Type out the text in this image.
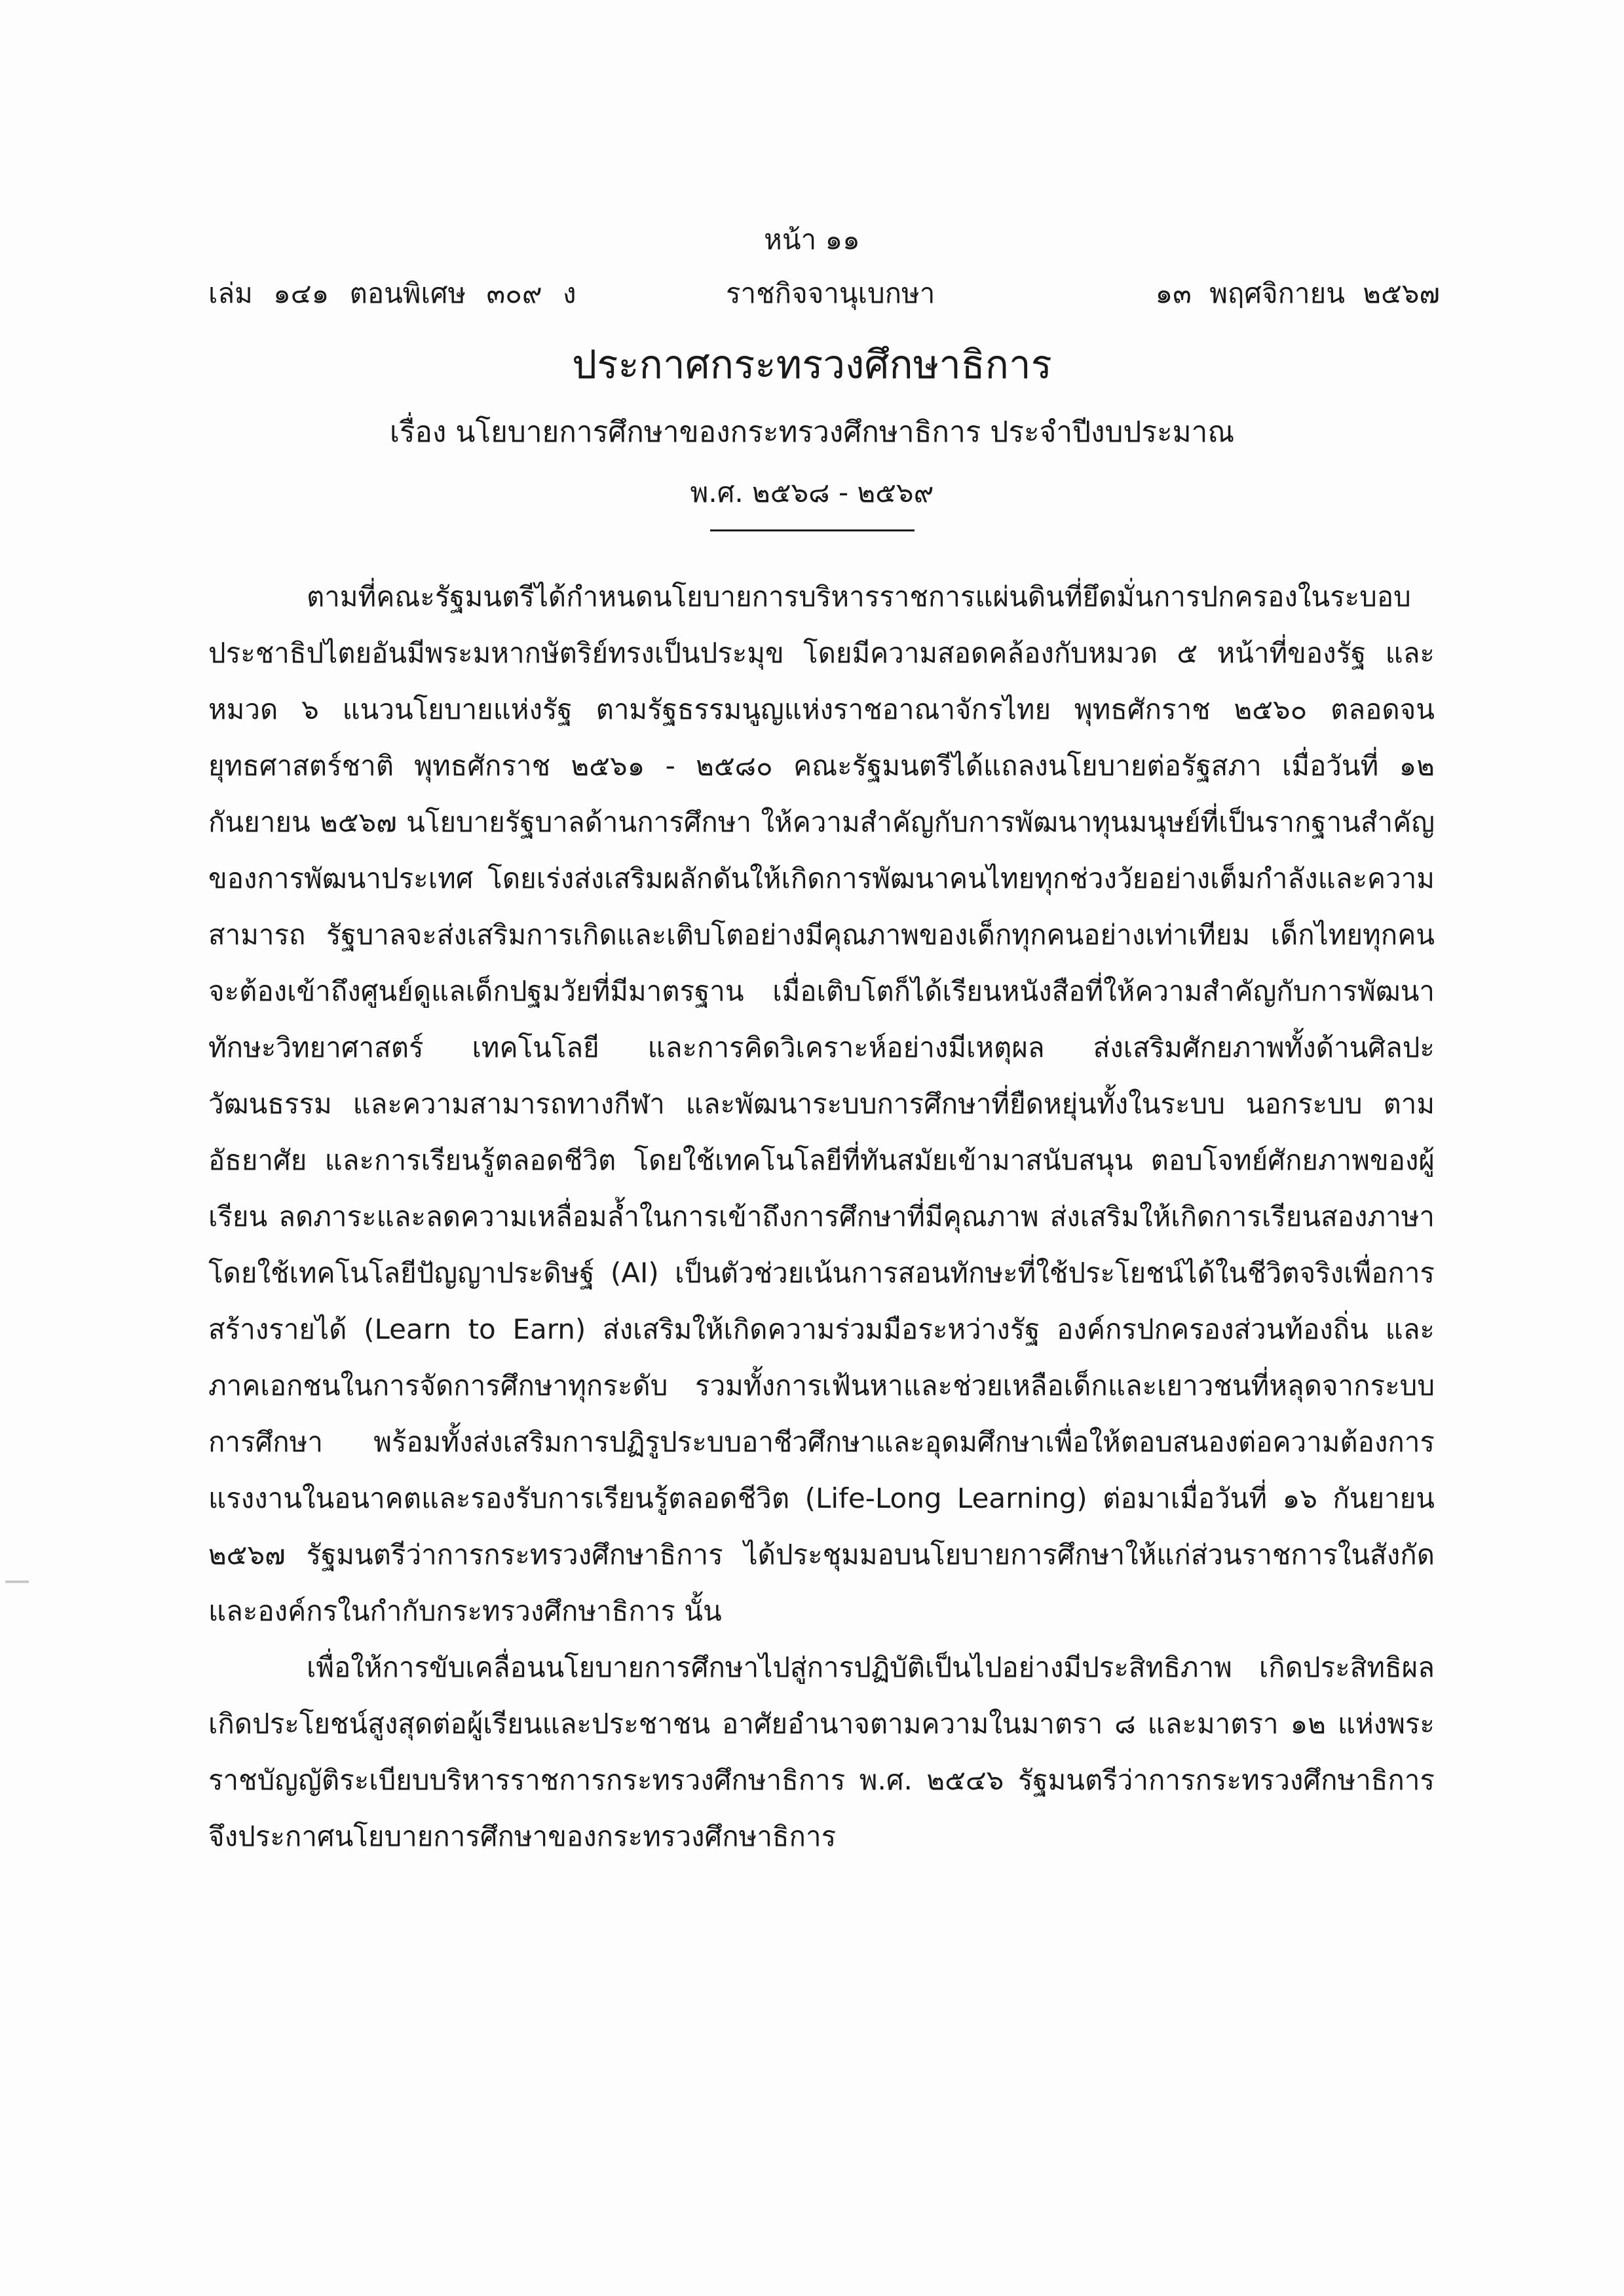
หน้า ๑๑
เล่ม ๑๔๑ ตอนพิเศษ ๓๐๙ ง	ราชกิจจานุเบกษา	๑๓ พฤศจิกายน ๒๕๖๗
ประกาศกระทรวงศึกษาธิการ
เรื่อง นโยบายการศึกษาของกระทรวงศึกษาธิการ ประจำปีงบประมาณ
พ.ศ. ๒๕๖๘ - ๒๕๖๙

ตามที่คณะรัฐมนตรีได้กำหนดนโยบายการบริหารราชการแผ่นดินที่ยึดมั่นการปกครองในระบอบประชาธิปไตยอันมีพระมหากษัตริย์ทรงเป็นประมุข โดยมีความสอดคล้องกับหมวด ๕ หน้าที่ของรัฐ และหมวด ๖ แนวนโยบายแห่งรัฐ ตามรัฐธรรมนูญแห่งราชอาณาจักรไทย พุทธศักราช ๒๕๖๐ ตลอดจนยุทธศาสตร์ชาติ พุทธศักราช ๒๕๖๑ - ๒๕๘๐ คณะรัฐมนตรีได้แถลงนโยบายต่อรัฐสภา เมื่อวันที่ ๑๒ กันยายน ๒๕๖๗ นโยบายรัฐบาลด้านการศึกษา ให้ความสำคัญกับการพัฒนาทุนมนุษย์ที่เป็นรากฐานสำคัญของการพัฒนาประเทศ โดยเร่งส่งเสริมผลักดันให้เกิดการพัฒนาคนไทยทุกช่วงวัยอย่างเต็มกำลังและความสามารถ รัฐบาลจะส่งเสริมการเกิดและเติบโตอย่างมีคุณภาพของเด็กทุกคนอย่างเท่าเทียม เด็กไทยทุกคนจะต้องเข้าถึงศูนย์ดูแลเด็กปฐมวัยที่มีมาตรฐาน เมื่อเติบโตก็ได้เรียนหนังสือที่ให้ความสำคัญกับการพัฒนาทักษะวิทยาศาสตร์ เทคโนโลยี และการคิดวิเคราะห์อย่างมีเหตุผล ส่งเสริมศักยภาพทั้งด้านศิลปะ วัฒนธรรม และความสามารถทางกีฬา และพัฒนาระบบการศึกษาที่ยืดหยุ่นทั้งในระบบ นอกระบบ ตามอัธยาศัย และการเรียนรู้ตลอดชีวิต โดยใช้เทคโนโลยีที่ทันสมัยเข้ามาสนับสนุน ตอบโจทย์ศักยภาพของผู้เรียน ลดภาระและลดความเหลื่อมล้ำในการเข้าถึงการศึกษาที่มีคุณภาพ ส่งเสริมให้เกิดการเรียนสองภาษาโดยใช้เทคโนโลยีปัญญาประดิษฐ์ (AI) เป็นตัวช่วยเน้นการสอนทักษะที่ใช้ประโยชน์ได้ในชีวิตจริงเพื่อการสร้างรายได้ (Learn to Earn) ส่งเสริมให้เกิดความร่วมมือระหว่างรัฐ องค์กรปกครองส่วนท้องถิ่น และภาคเอกชนในการจัดการศึกษาทุกระดับ รวมทั้งการเฟ้นหาและช่วยเหลือเด็กและเยาวชนที่หลุดจากระบบการศึกษา พร้อมทั้งส่งเสริมการปฏิรูประบบอาชีวศึกษาและอุดมศึกษาเพื่อให้ตอบสนองต่อความต้องการแรงงานในอนาคตและรองรับการเรียนรู้ตลอดชีวิต (Life-Long Learning) ต่อมาเมื่อวันที่ ๑๖ กันยายน ๒๕๖๗ รัฐมนตรีว่าการกระทรวงศึกษาธิการ ได้ประชุมมอบนโยบายการศึกษาให้แก่ส่วนราชการในสังกัดและองค์กรในกำกับกระทรวงศึกษาธิการ นั้น

เพื่อให้การขับเคลื่อนนโยบายการศึกษาไปสู่การปฏิบัติเป็นไปอย่างมีประสิทธิภาพ เกิดประสิทธิผล เกิดประโยชน์สูงสุดต่อผู้เรียนและประชาชน อาศัยอำนาจตามความในมาตรา ๘ และมาตรา ๑๒ แห่งพระราชบัญญัติระเบียบบริหารราชการกระทรวงศึกษาธิการ พ.ศ. ๒๕๔๖ รัฐมนตรีว่าการกระทรวงศึกษาธิการ จึงประกาศนโยบายการศึกษาของกระทรวงศึกษาธิการ
